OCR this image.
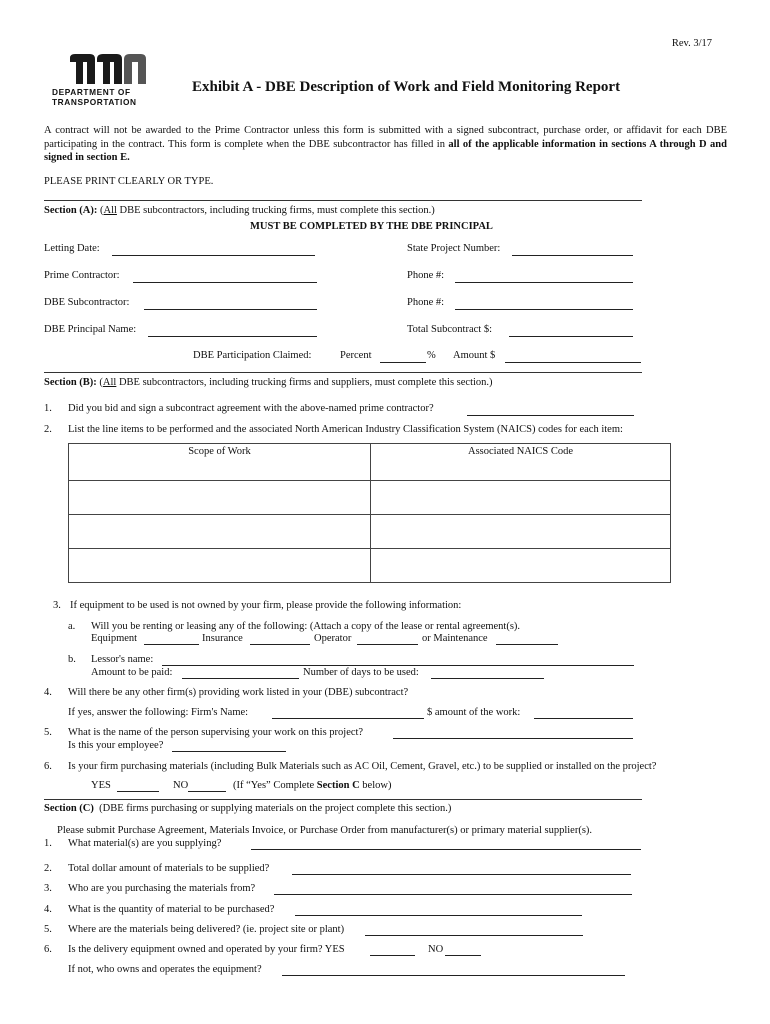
Rev. 3/17
DEPARTMENT OF
TRANSPORTATION
Exhibit A - DBE Description of Work and Field Monitoring Report
A contract will not be awarded to the Prime Contractor unless this form is submitted with a signed subcontract, purchase order, or affidavit for each DBE participating in the contract. This form is complete when the DBE subcontractor has filled in all of the applicable information in sections A through D and signed in section E.
PLEASE PRINT CLEARLY OR TYPE.
Section (A): (All DBE subcontractors, including trucking firms, must complete this section.)
MUST BE COMPLETED BY THE DBE PRINCIPAL
Letting Date:	State Project Number:
Prime Contractor:	Phone #:
DBE Subcontractor:	Phone #:
DBE Principal Name:	Total Subcontract $:
DBE Participation Claimed:	Percent	% Amount $
Section (B): (All DBE subcontractors, including trucking firms and suppliers, must complete this section.)
1. Did you bid and sign a subcontract agreement with the above-named prime contractor?
2. List the line items to be performed and the associated North American Industry Classification System (NAICS) codes for each item:
Scope of Work	Associated NAICS Code

3. If equipment to be used is not owned by your firm, please provide the following information:
a. Will you be renting or leasing any of the following: (Attach a copy of the lease or rental agreement(s).
Equipment	Insurance	Operator	or Maintenance
b. Lessor's name:
Amount to be paid:	Number of days to be used:
4. Will there be any other firm(s) providing work listed in your (DBE) subcontract?
If yes, answer the following: Firm's Name:	$ amount of the work:
5. What is the name of the person supervising your work on this project?
Is this your employee?
6. Is your firm purchasing materials (including Bulk Materials such as AC Oil, Cement, Gravel, etc.) to be supplied or installed on the project?
YES	NO	(If “Yes” Complete Section C below)
Section (C) (DBE firms purchasing or supplying materials on the project complete this section.)
Please submit Purchase Agreement, Materials Invoice, or Purchase Order from manufacturer(s) or primary material supplier(s).
1. What material(s) are you supplying?
2. Total dollar amount of materials to be supplied?
3. Who are you purchasing the materials from?
4. What is the quantity of material to be purchased?
5. Where are the materials being delivered? (ie. project site or plant)
6. Is the delivery equipment owned and operated by your firm? YES	NO
If not, who owns and operates the equipment?
